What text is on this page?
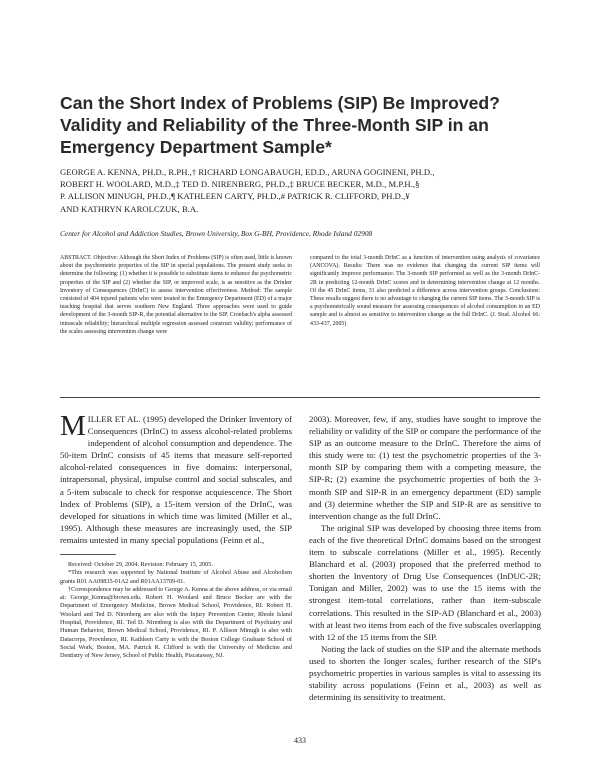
Can the Short Index of Problems (SIP) Be Improved? Validity and Reliability of the Three-Month SIP in an Emergency Department Sample*
GEORGE A. KENNA, PH.D., R.PH.,† RICHARD LONGABAUGH, ED.D., ARUNA GOGINENI, PH.D.,
ROBERT H. WOOLARD, M.D.,‡ TED D. NIRENBERG, PH.D.,‡ BRUCE BECKER, M.D., M.P.H.,§
P. ALLISON MINUGH, PH.D.,¶ KATHLEEN CARTY, PH.D.,# PATRICK R. CLIFFORD, PH.D.,¥
AND KATHRYN KAROLCZUK, B.A.
Center for Alcohol and Addiction Studies, Brown University, Box G-BH, Providence, Rhode Island 02908
ABSTRACT. Objective: Although the Short Index of Problems (SIP) is often used, little is known about the psychometric properties of the SIP in special populations. The present study seeks to determine the following: (1) whether it is possible to substitute items to enhance the psychometric properties of the SIP and (2) whether the SIP, or improved scale, is as sensitive as the Drinker Inventory of Consequences (DrInC) to assess intervention effectiveness. Method: The sample consisted of 404 injured patients who were treated in the Emergency Department (ED) of a major teaching hospital that serves southern New England. Three approaches were used to guide development of the 3-month SIP-R, the potential alternative to the SIP. Cronbach's alpha assessed intrascale reliability; hierarchical multiple regression assessed construct validity; performance of the scales assessing intervention change were
compared to the total 3-month DrInC as a function of intervention using analysis of covariance (ANCOVA). Results: There was no evidence that changing the current SIP items will significantly improve performance. The 3-month SIP performed as well as the 3-month DrInC-2R in predicting 12-month DrInC scores and in determining intervention change at 12 months. Of the 45 DrInC items, 31 also predicted a difference across intervention groups. Conclusions: These results suggest there is no advantage to changing the current SIP items. The 3-month SIP is a psychometrically sound measure for assessing consequences of alcohol consumption in an ED sample and is almost as sensitive to intervention change as the full DrInC. (J. Stud. Alcohol 66: 433-437, 2005)

MILLER ET AL. (1995) developed the Drinker Inventory of Consequences (DrInC) to assess alcohol-related problems independent of alcohol consumption and dependence. The 50-item DrInC consists of 45 items that measure self-reported alcohol-related consequences in five domains: interpersonal, intrapersonal, physical, impulse control and social subscales, and a 5-item subscale to check for response acquiescence. The Short Index of Problems (SIP), a 15-item version of the DrInC, was developed for situations in which time was limited (Miller et al., 1995). Although these measures are increasingly used, the SIP remains untested in many special populations (Feinn et al.,

Received: October 29, 2004. Revision: February 15, 2005.

*This research was supported by National Institute of Alcohol Abuse and Alcoholism grants R01 AA09835-01A2 and R01AA13709-01.

†Correspondence may be addressed to George A. Kenna at the above address, or via email at: George_Kenna@brown.edu. Robert H. Woolard and Bruce Becker are with the Department of Emergency Medicine, Brown Medical School, Providence, RI. Robert H. Woolard and Ted D. Nirenberg are also with the Injury Prevention Center, Rhode Island Hospital, Providence, RI. Ted D. Nirenberg is also with the Department of Psychiatry and Human Behavior, Brown Medical School, Providence, RI. P. Allison Minugh is also with Datacorps, Providence, RI. Kathleen Carty is with the Boston College Graduate School of Social Work, Boston, MA. Patrick R. Clifford is with the University of Medicine and Dentistry of New Jersey, School of Public Health, Piscataway, NJ.

2003). Moreover, few, if any, studies have sought to improve the reliability or validity of the SIP or compare the performance of the SIP as an outcome measure to the DrInC. Therefore the aims of this study were to: (1) test the psychometric properties of the 3-month SIP by comparing them with a competing measure, the SIP-R; (2) examine the psychometric properties of both the 3-month SIP and SIP-R in an emergency department (ED) sample and (3) determine whether the SIP and SIP-R are as sensitive to intervention change as the full DrInC.

The original SIP was developed by choosing three items from each of the five theoretical DrInC domains based on the strongest item to subscale correlations (Miller et al., 1995). Recently Blanchard et al. (2003) proposed that the preferred method to shorten the Inventory of Drug Use Consequences (InDUC-2R; Tonigan and Miller, 2002) was to use the 15 items with the strongest item-total correlations, rather than item-subscale correlations. This resulted in the SIP-AD (Blanchard et al., 2003) with at least two items from each of the five subscales overlapping with 12 of the 15 items from the SIP.

Noting the lack of studies on the SIP and the alternate methods used to shorten the longer scales, further research of the SIP's psychometric properties in various samples is vital to assessing its stability across populations (Feinn et al., 2003) as well as determining its sensitivity to treatment.

433
